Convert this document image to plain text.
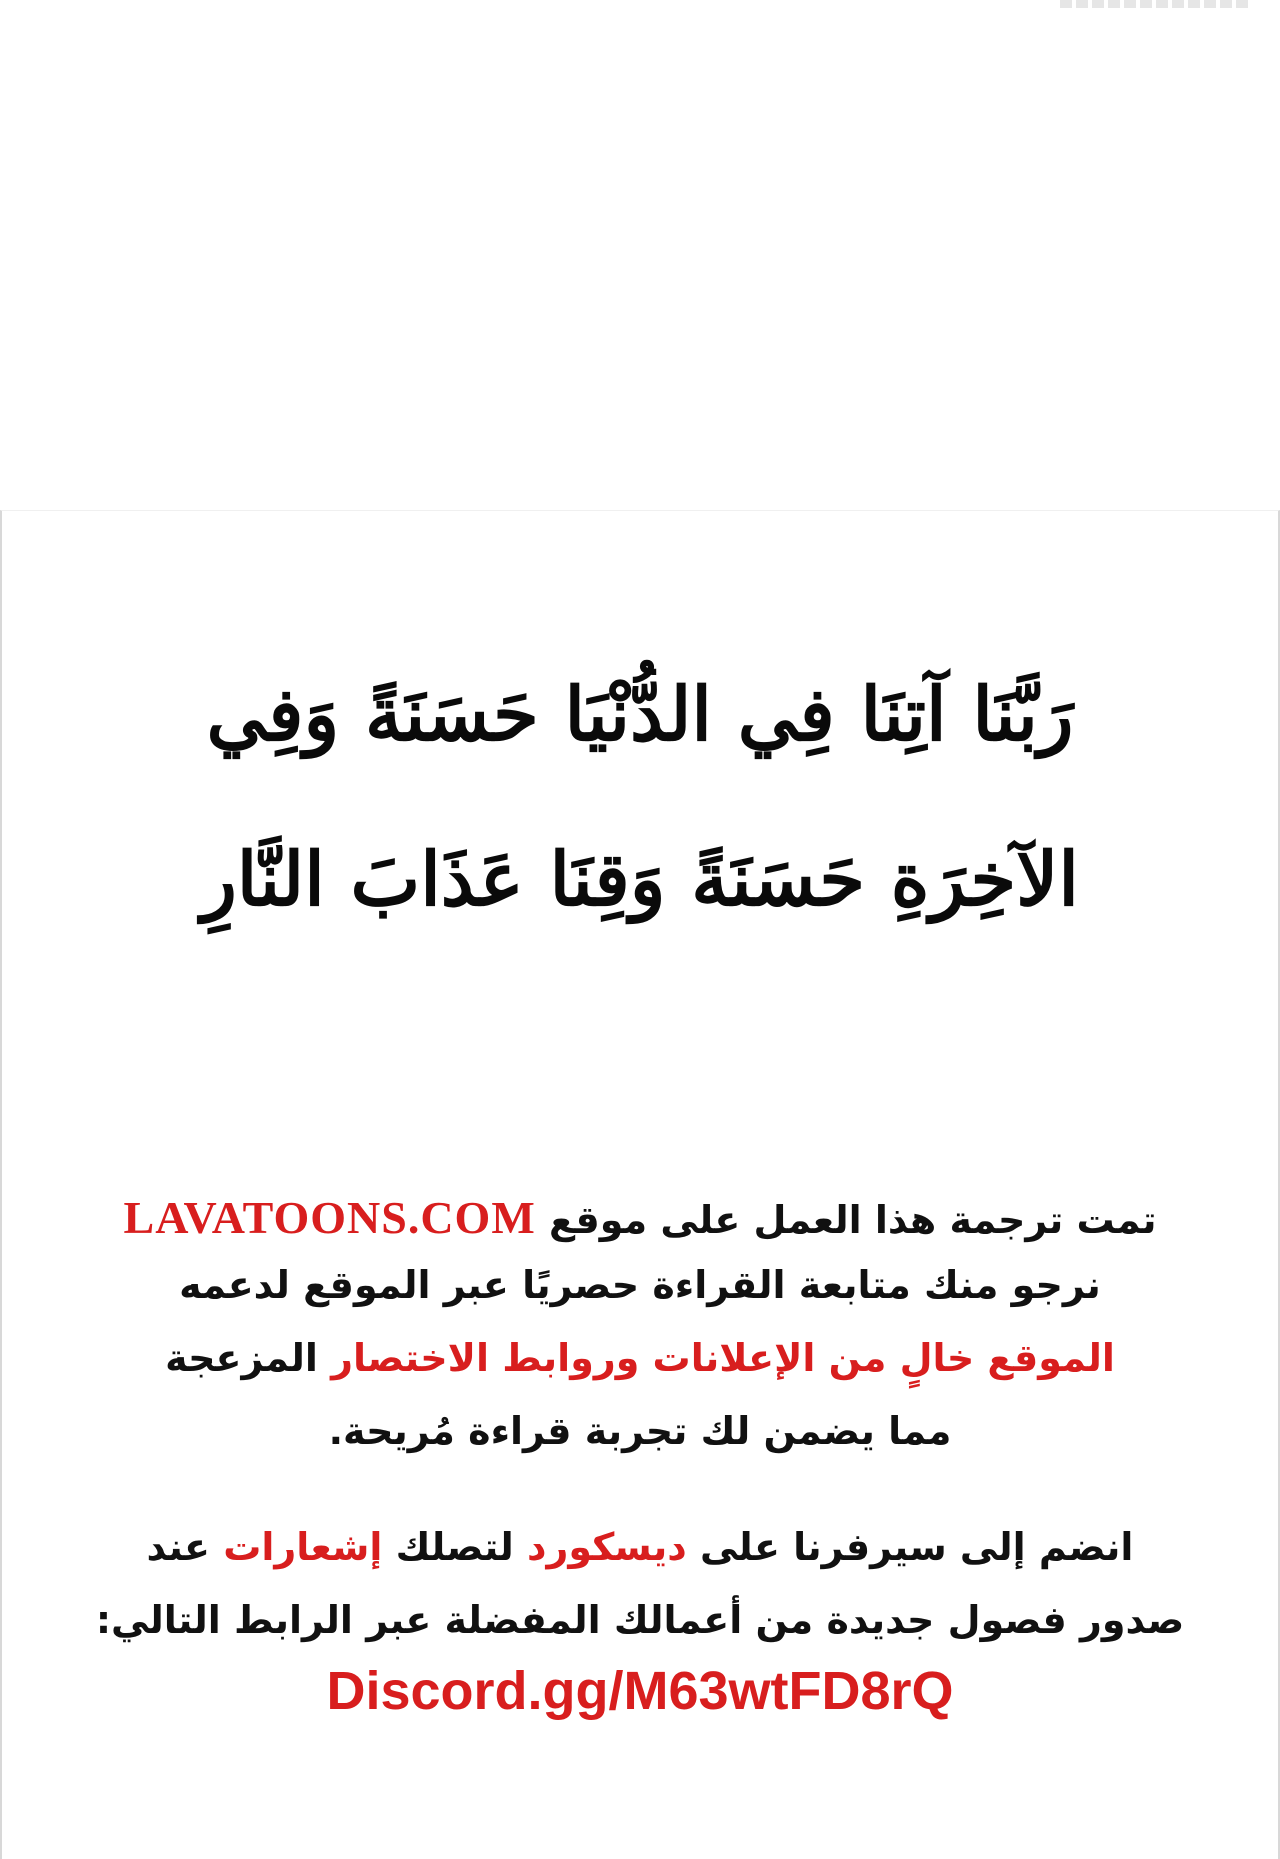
رَبَّنَا آتِنَا فِي الدُّنْيَا حَسَنَةً وَفِي
الآخِرَةِ حَسَنَةً وَقِنَا عَذَابَ النَّارِ
تمت ترجمة هذا العمل على موقع LAVATOONS.COM
نرجو منك متابعة القراءة حصريًا عبر الموقع لدعمه
الموقع خالٍ من الإعلانات وروابط الاختصار المزعجة
مما يضمن لك تجربة قراءة مُريحة.
انضم إلى سيرفرنا على ديسكورد لتصلك إشعارات عند
صدور فصول جديدة من أعمالك المفضلة عبر الرابط التالي:
Discord.gg/M63wtFD8rQ
